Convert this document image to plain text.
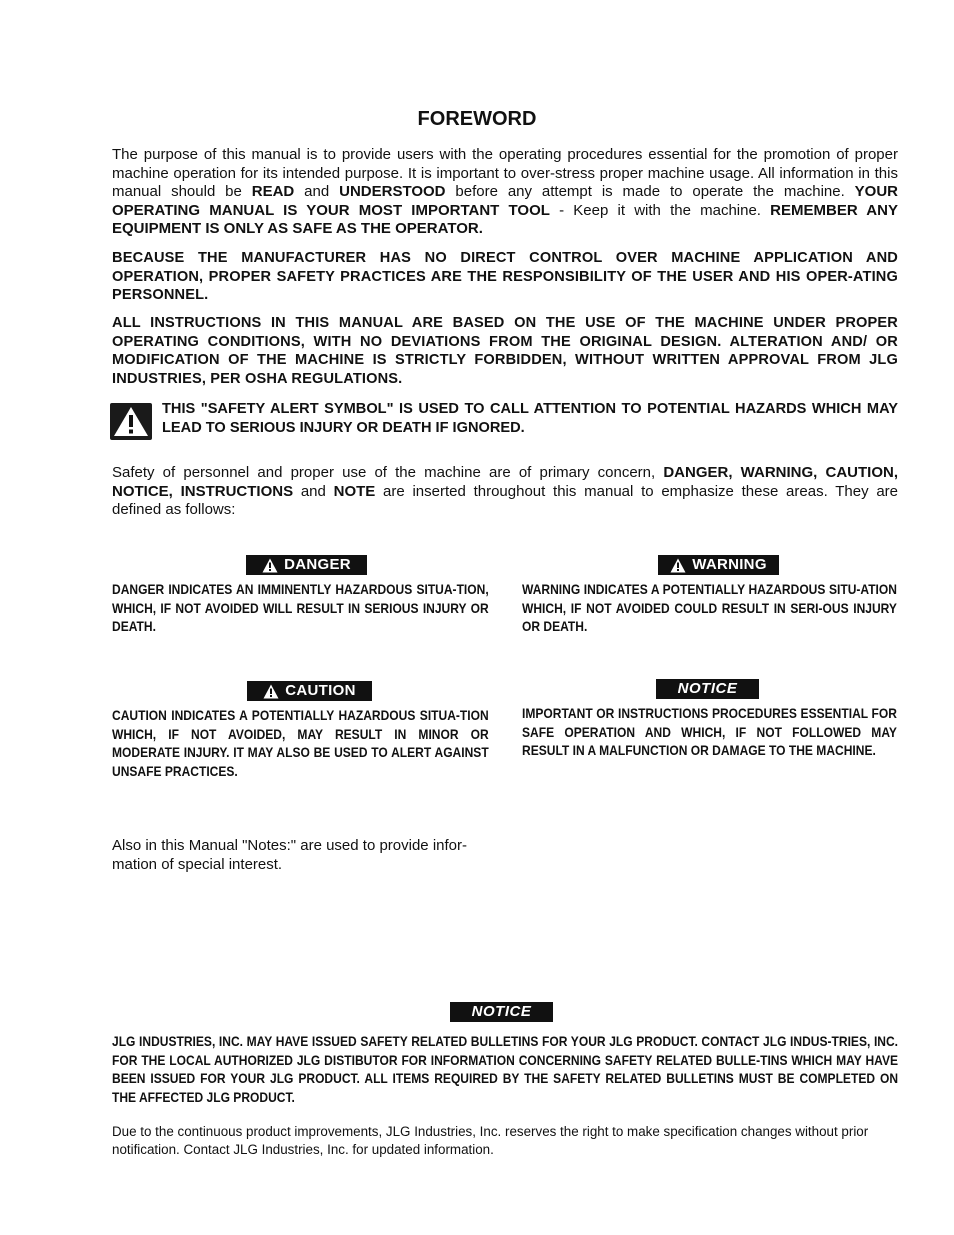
FOREWORD
The purpose of this manual is to provide users with the operating procedures essential for the promotion of proper machine operation for its intended purpose. It is important to over-stress proper machine usage. All information in this manual should be READ and UNDERSTOOD before any attempt is made to operate the machine. YOUR OPERATING MANUAL IS YOUR MOST IMPORTANT TOOL - Keep it with the machine. REMEMBER ANY EQUIPMENT IS ONLY AS SAFE AS THE OPERATOR.
BECAUSE THE MANUFACTURER HAS NO DIRECT CONTROL OVER MACHINE APPLICATION AND OPERATION, PROPER SAFETY PRACTICES ARE THE RESPONSIBILITY OF THE USER AND HIS OPER-ATING PERSONNEL.
ALL INSTRUCTIONS IN THIS MANUAL ARE BASED ON THE USE OF THE MACHINE UNDER PROPER OPERATING CONDITIONS, WITH NO DEVIATIONS FROM THE ORIGINAL DESIGN. ALTERATION AND/ OR MODIFICATION OF THE MACHINE IS STRICTLY FORBIDDEN, WITHOUT WRITTEN APPROVAL FROM JLG INDUSTRIES, PER OSHA REGULATIONS.
THIS "SAFETY ALERT SYMBOL" IS USED TO CALL ATTENTION TO POTENTIAL HAZARDS WHICH MAY LEAD TO SERIOUS INJURY OR DEATH IF IGNORED.
Safety of personnel and proper use of the machine are of primary concern, DANGER, WARNING, CAUTION, NOTICE, INSTRUCTIONS and NOTE are inserted throughout this manual to emphasize these areas. They are defined as follows:
DANGER
DANGER INDICATES AN IMMINENTLY HAZARDOUS SITUA-TION, WHICH, IF NOT AVOIDED WILL RESULT IN SERIOUS INJURY OR DEATH.
WARNING
WARNING INDICATES A POTENTIALLY HAZARDOUS SITU-ATION WHICH, IF NOT AVOIDED COULD RESULT IN SERI-OUS INJURY OR DEATH.
CAUTION
CAUTION INDICATES A POTENTIALLY HAZARDOUS SITUA-TION WHICH, IF NOT AVOIDED, MAY RESULT IN MINOR OR MODERATE INJURY. IT MAY ALSO BE USED TO ALERT AGAINST UNSAFE PRACTICES.
NOTICE
IMPORTANT OR INSTRUCTIONS PROCEDURES ESSENTIAL FOR SAFE OPERATION AND WHICH, IF NOT FOLLOWED MAY RESULT IN A MALFUNCTION OR DAMAGE TO THE MACHINE.
Also in this Manual "Notes:" are used to provide infor-mation of special interest.
NOTICE
JLG INDUSTRIES, INC. MAY HAVE ISSUED SAFETY RELATED BULLETINS FOR YOUR JLG PRODUCT. CONTACT JLG INDUS-TRIES, INC. FOR THE LOCAL AUTHORIZED JLG DISTIBUTOR FOR INFORMATION CONCERNING SAFETY RELATED BULLE-TINS WHICH MAY HAVE BEEN ISSUED FOR YOUR JLG PRODUCT. ALL ITEMS REQUIRED BY THE SAFETY RELATED BULLETINS MUST BE COMPLETED ON THE AFFECTED JLG PRODUCT.
Due to the continuous product improvements, JLG Industries, Inc. reserves the right to make specification changes without prior notification. Contact JLG Industries, Inc. for updated information.
